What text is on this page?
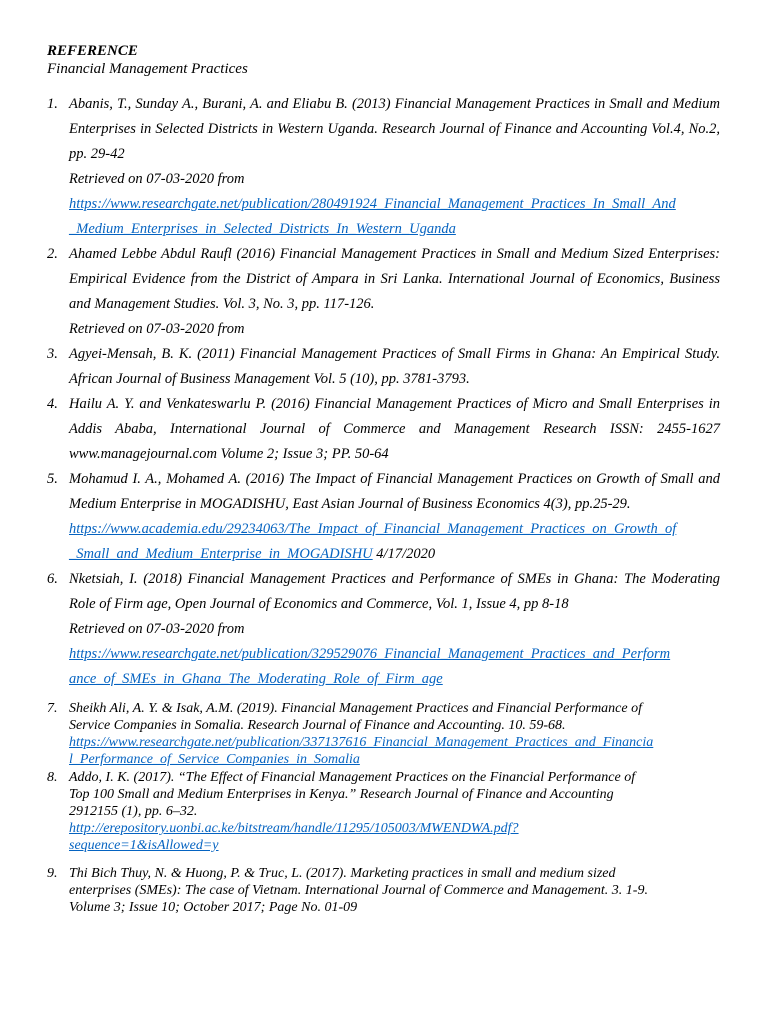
REFERENCE
Financial Management Practices
1. Abanis, T., Sunday A., Burani, A. and Eliabu B. (2013) Financial Management Practices in Small and Medium Enterprises in Selected Districts in Western Uganda. Research Journal of Finance and Accounting Vol.4, No.2, pp. 29-42
Retrieved on 07-03-2020 from
https://www.researchgate.net/publication/280491924_Financial_Management_Practices_In_Small_And
_Medium_Enterprises_in_Selected_Districts_In_Western_Uganda
2. Ahamed Lebbe Abdul Raufl (2016) Financial Management Practices in Small and Medium Sized Enterprises: Empirical Evidence from the District of Ampara in Sri Lanka. International Journal of Economics, Business and Management Studies. Vol. 3, No. 3, pp. 117-126.
Retrieved on 07-03-2020 from
3. Agyei-Mensah, B. K. (2011) Financial Management Practices of Small Firms in Ghana: An Empirical Study. African Journal of Business Management Vol. 5 (10), pp. 3781-3793.
4. Hailu A. Y. and Venkateswarlu P. (2016) Financial Management Practices of Micro and Small Enterprises in Addis Ababa, International Journal of Commerce and Management Research ISSN: 2455-1627 www.managejournal.com Volume 2; Issue 3; PP. 50-64
5. Mohamud I. A., Mohamed A. (2016) The Impact of Financial Management Practices on Growth of Small and Medium Enterprise in MOGADISHU, East Asian Journal of Business Economics 4(3), pp.25-29.
https://www.academia.edu/29234063/The_Impact_of_Financial_Management_Practices_on_Growth_of
_Small_and_Medium_Enterprise_in_MOGADISHU 4/17/2020
6. Nketsiah, I. (2018) Financial Management Practices and Performance of SMEs in Ghana: The Moderating Role of Firm age, Open Journal of Economics and Commerce, Vol. 1, Issue 4, pp 8-18
Retrieved on 07-03-2020 from
https://www.researchgate.net/publication/329529076_Financial_Management_Practices_and_Perform
ance_of_SMEs_in_Ghana_The_Moderating_Role_of_Firm_age
7. Sheikh Ali, A. Y. & Isak, A.M. (2019). Financial Management Practices and Financial Performance of
Service Companies in Somalia. Research Journal of Finance and Accounting. 10. 59-68.
https://www.researchgate.net/publication/337137616_Financial_Management_Practices_and_Financia
l_Performance_of_Service_Companies_in_Somalia
8. Addo, I. K. (2017). “The Effect of Financial Management Practices on the Financial Performance of
Top 100 Small and Medium Enterprises in Kenya.” Research Journal of Finance and Accounting
2912155 (1), pp. 6–32.
http://erepository.uonbi.ac.ke/bitstream/handle/11295/105003/MWENDWA.pdf?
sequence=1&isAllowed=y
9. Thi Bich Thuy, N. & Huong, P. & Truc, L. (2017). Marketing practices in small and medium sized
enterprises (SMEs): The case of Vietnam. International Journal of Commerce and Management. 3. 1-9.
Volume 3; Issue 10; October 2017; Page No. 01-09
